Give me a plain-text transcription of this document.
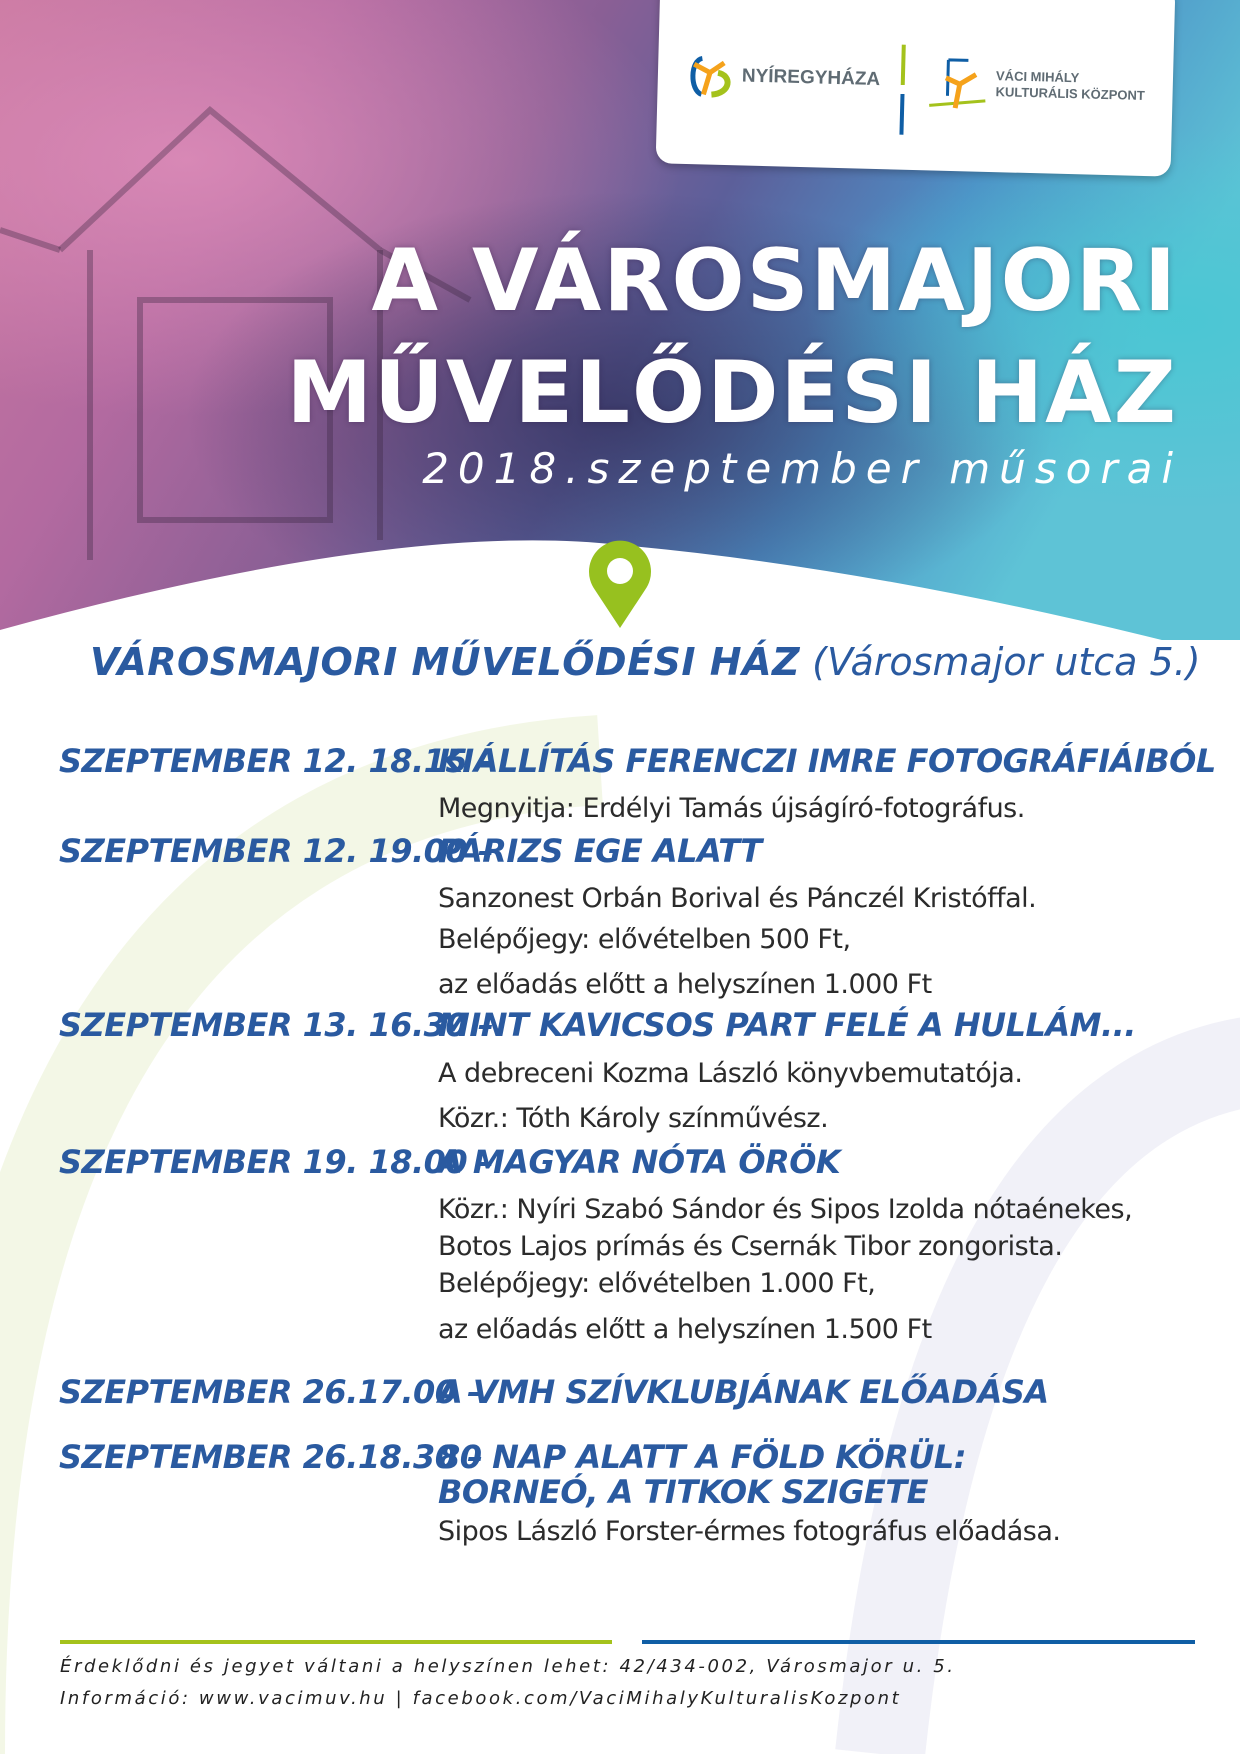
NYÍREGYHÁZA	VÁCI MIHÁLY
KULTURÁLIS KÖZPONT
A VÁROSMAJORI
MŰVELŐDÉSI HÁZ
2018.szeptember műsorai
VÁROSMAJORI MŰVELŐDÉSI HÁZ (Városmajor utca 5.)
SZEPTEMBER 12. 18.15 –
KIÁLLÍTÁS FERENCZI IMRE FOTOGRÁFIÁIBÓL
Megnyitja: Erdélyi Tamás újságíró-fotográfus.
SZEPTEMBER 12. 19.00 –
PÁRIZS EGE ALATT
Sanzonest Orbán Borival és Pánczél Kristóffal.
Belépőjegy: elővételben 500 Ft,
az előadás előtt a helyszínen 1.000 Ft
SZEPTEMBER 13. 16.30 –
MINT KAVICSOS PART FELÉ A HULLÁM...
A debreceni Kozma László könyvbemutatója.
Közr.: Tóth Károly színművész.
SZEPTEMBER 19. 18.00 –
A MAGYAR NÓTA ÖRÖK
Közr.: Nyíri Szabó Sándor és Sipos Izolda nótaénekes,
Botos Lajos prímás és Csernák Tibor zongorista.
Belépőjegy: elővételben 1.000 Ft,
az előadás előtt a helyszínen 1.500 Ft
SZEPTEMBER 26.17.00 –
A VMH SZÍVKLUBJÁNAK ELŐADÁSA
SZEPTEMBER 26.18.30 –
80 NAP ALATT A FÖLD KÖRÜL:
BORNEÓ, A TITKOK SZIGETE
Sipos László Forster-érmes fotográfus előadása.
Érdeklődni és jegyet váltani a helyszínen lehet: 42/434-002, Városmajor u. 5.
Információ: www.vacimuv.hu | facebook.com/VaciMihalyKulturalisKozpont
